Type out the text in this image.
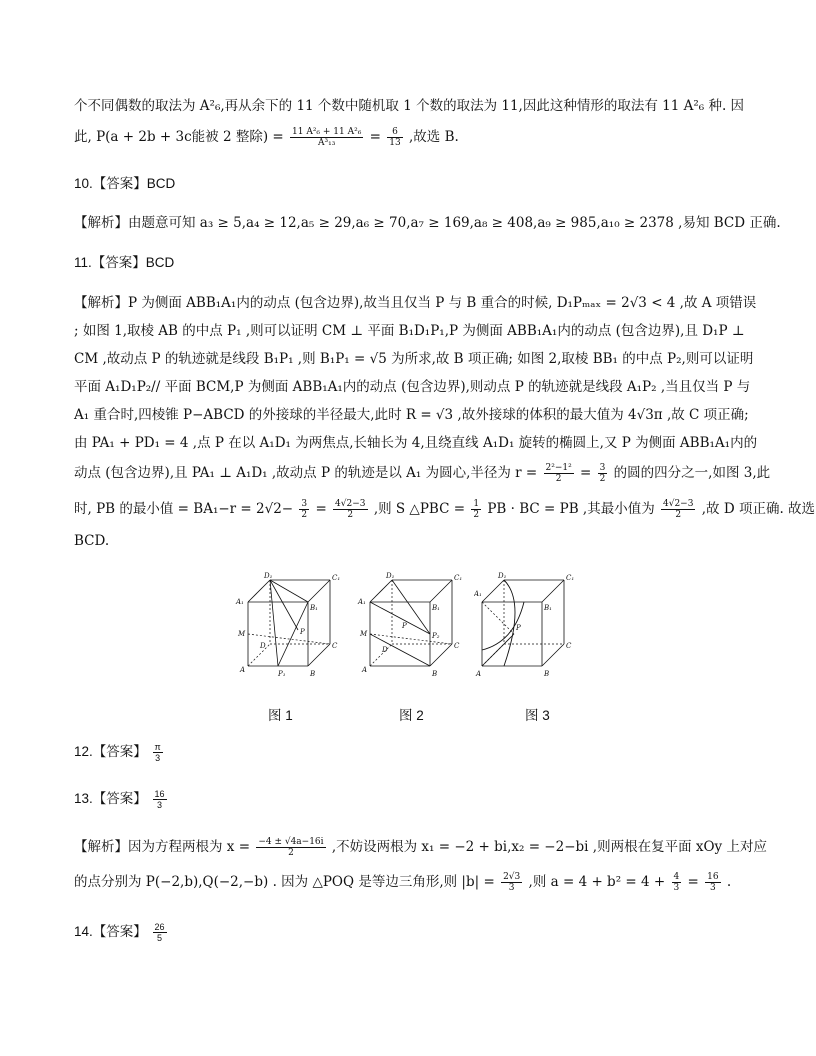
个不同偶数的取法为 A²₆,再从余下的 11 个数中随机取 1 个数的取法为 11,因此这种情形的取法有 11 A²₆ 种. 因
此, P(a + 2b + 3c能被 2 整除) = $\frac{\text{11 A²₆ + 11 A²₆}}{\text{A³₁₃}} = \frac{6}{13}$ ,故选 B.
10.【答案】BCD
【解析】由题意可知 a₃ ≥ 5,a₄ ≥ 12,a₅ ≥ 29,a₆ ≥ 70,a₇ ≥ 169,a₈ ≥ 408,a₉ ≥ 985,a₁₀ ≥ 2378 ,易知 BCD 正确.
11.【答案】BCD
【解析】P 为侧面 ABB₁A₁内的动点 (包含边界),故当且仅当 P 与 B 重合的时候, D₁Pₘₐₓ = 2√3 < 4 ,故 A 项错误
; 如图 1,取棱 AB 的中点 P₁ ,则可以证明 CM ⊥ 平面 B₁D₁P₁,P 为侧面 ABB₁A₁内的动点 (包含边界),且 D₁P ⊥
CM ,故动点 P 的轨迹就是线段 B₁P₁ ,则 B₁P₁ = √5 为所求,故 B 项正确; 如图 2,取棱 BB₁ 的中点 P₂,则可以证明
平面 A₁D₁P₂// 平面 BCM,P 为侧面 ABB₁A₁内的动点 (包含边界),则动点 P 的轨迹就是线段 A₁P₂ ,当且仅当 P 与
A₁ 重合时,四棱锥 P−ABCD 的外接球的半径最大,此时 R = √3 ,故外接球的体积的最大值为 4√3π ,故 C 项正确;
由 PA₁ + PD₁ = 4 ,点 P 在以 A₁D₁ 为两焦点,长轴长为 4,且绕直线 A₁D₁ 旋转的椭圆上,又 P 为侧面 ABB₁A₁内的
动点 (包含边界),且 PA₁ ⊥ A₁D₁ ,故动点 P 的轨迹是以 A₁ 为圆心,半径为 $r = \frac{\text{2²−1²}}{2} = \frac{3}{2}$ 的圆的四分之一,如图 3,此
时, PB 的最小值 = $BA_1-r = 2√2- \frac{3}{2} = \frac{4√2-3}{2}$ ,则 S △PBC = $\frac{1}{2}$ PB · BC = PB ,其最小值为 $\frac{4√2-3}{2}$ ,故 D 项正确. 故选
BCD.
D₁	C₁
A₁
B₁
M
D	C
A	B
P
P₁
D₁	C₁
A₁
B₁
M
D	C
A	B
P
P₂
D₁	C₁
A₁
B₁
P
C
A	B
图 1	图 2	图 3
12.【答案】 $\frac{\pi}{3}$
13.【答案】 $\frac{16}{3}$
【解析】因为方程两根为 $x = \frac{-4 \pm √4a-16i}{2}$ ,不妨设两根为 x₁ = −2 + bi,x₂ = −2−bi ,则两根在复平面 xOy 上对应
的点分别为 P(−2,b),Q(−2,−b) . 因为 △POQ 是等边三角形,则 $|b| = \frac{2√3}{3}$ ,则 $a = 4 + b^2 = 4 + \frac{4}{3} = \frac{16}{3}$ .
14.【答案】 $\frac{26}{5}$
